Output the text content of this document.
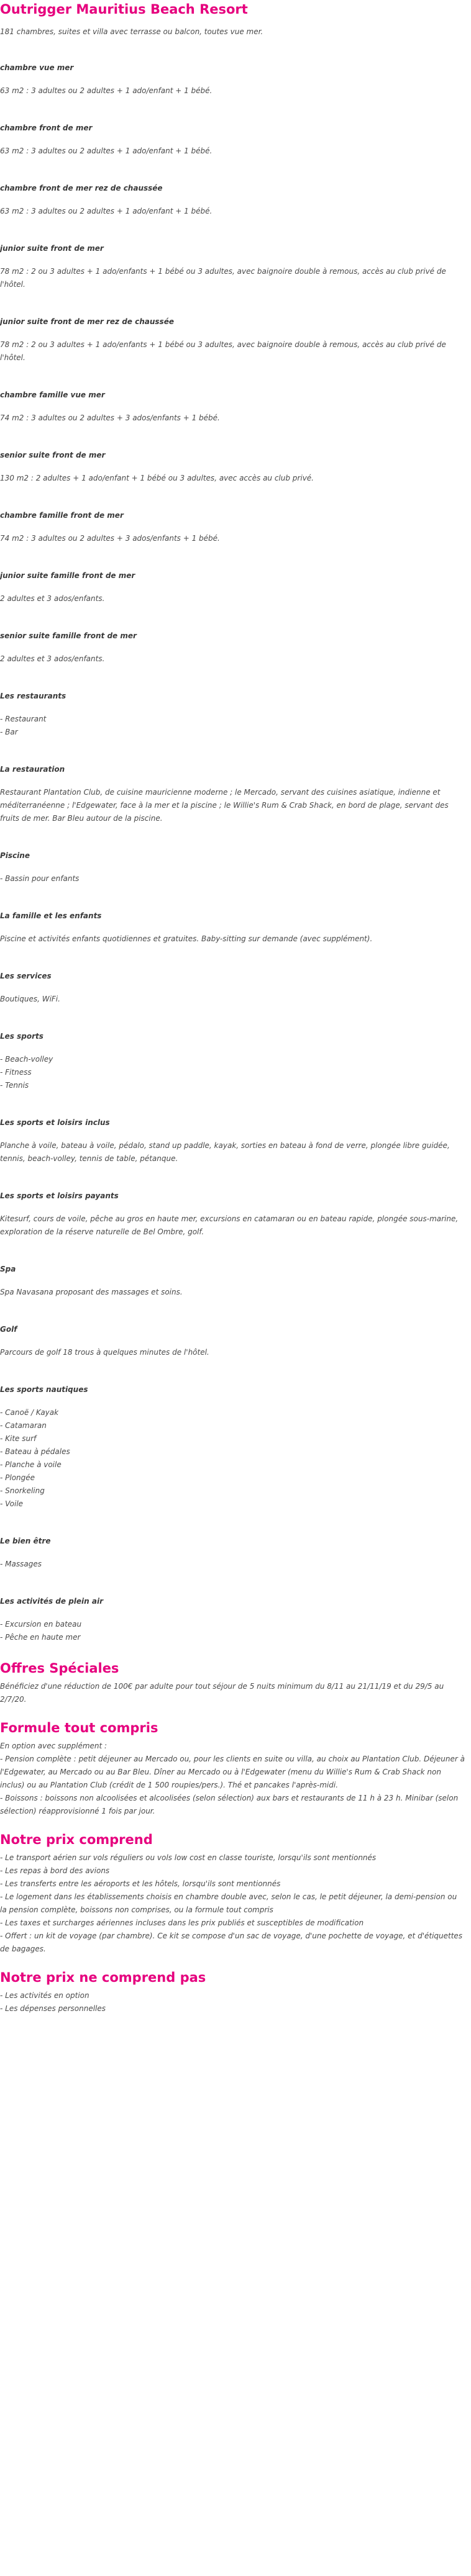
Outrigger Mauritius Beach Resort

181 chambres, suites et villa avec terrasse ou balcon, toutes vue mer.

chambre vue mer

63 m2 : 3 adultes ou 2 adultes + 1 ado/enfant + 1 bébé.

chambre front de mer

63 m2 : 3 adultes ou 2 adultes + 1 ado/enfant + 1 bébé.

chambre front de mer rez de chaussée

63 m2 : 3 adultes ou 2 adultes + 1 ado/enfant + 1 bébé.

junior suite front de mer

78 m2 : 2 ou 3 adultes + 1 ado/enfants + 1 bébé ou 3 adultes, avec baignoire double à remous, accès au club privé de l'hôtel.

junior suite front de mer rez de chaussée

78 m2 : 2 ou 3 adultes + 1 ado/enfants + 1 bébé ou 3 adultes, avec baignoire double à remous, accès au club privé de l'hôtel.

chambre famille vue mer

74 m2 : 3 adultes ou 2 adultes + 3 ados/enfants + 1 bébé.

senior suite front de mer

130 m2 : 2 adultes + 1 ado/enfant + 1 bébé ou 3 adultes, avec accès au club privé.

chambre famille front de mer

74 m2 : 3 adultes ou 2 adultes + 3 ados/enfants + 1 bébé.

junior suite famille front de mer

2 adultes et 3 ados/enfants.

senior suite famille front de mer

2 adultes et 3 ados/enfants.

Les restaurants

- Restaurant

- Bar

La restauration

Restaurant Plantation Club, de cuisine mauricienne moderne ; le Mercado, servant des cuisines asiatique, indienne et méditerranéenne ; l'Edgewater, face à la mer et la piscine ; le Willie's Rum & Crab Shack, en bord de plage, servant des fruits de mer. Bar Bleu autour de la piscine.

Piscine

- Bassin pour enfants

La famille et les enfants

Piscine et activités enfants quotidiennes et gratuites. Baby-sitting sur demande (avec supplément).

Les services

Boutiques, WiFi.

Les sports

- Beach-volley

- Fitness

- Tennis

Les sports et loisirs inclus

Planche à voile, bateau à voile, pédalo, stand up paddle, kayak, sorties en bateau à fond de verre, plongée libre guidée, tennis, beach-volley, tennis de table, pétanque.

Les sports et loisirs payants

Kitesurf, cours de voile, pêche au gros en haute mer, excursions en catamaran ou en bateau rapide, plongée sous-marine, exploration de la réserve naturelle de Bel Ombre, golf.

Spa

Spa Navasana proposant des massages et soins.

Golf

Parcours de golf 18 trous à quelques minutes de l'hôtel.

Les sports nautiques

- Canoë / Kayak

- Catamaran

- Kite surf

- Bateau à pédales

- Planche à voile

- Plongée

- Snorkeling

- Voile

Le bien être

- Massages

Les activités de plein air

- Excursion en bateau

- Pêche en haute mer

Offres Spéciales

Bénéficiez d'une réduction de 100€ par adulte pour tout séjour de 5 nuits minimum du 8/11 au 21/11/19 et du 29/5 au 2/7/20.

Formule tout compris

En option avec supplément :

- Pension complète : petit déjeuner au Mercado ou, pour les clients en suite ou villa, au choix au Plantation Club. Déjeuner à l'Edgewater, au Mercado ou au Bar Bleu. Dîner au Mercado ou à l'Edgewater (menu du Willie's Rum & Crab Shack non inclus) ou au Plantation Club (crédit de 1 500 roupies/pers.). Thé et pancakes l'après-midi.

- Boissons : boissons non alcoolisées et alcoolisées (selon sélection) aux bars et restaurants de 11 h à 23 h. Minibar (selon sélection) réapprovisionné 1 fois par jour.

Notre prix comprend

- Le transport aérien sur vols réguliers ou vols low cost en classe touriste, lorsqu'ils sont mentionnés

- Les repas à bord des avions

- Les transferts entre les aéroports et les hôtels, lorsqu'ils sont mentionnés

- Le logement dans les établissements choisis en chambre double avec, selon le cas, le petit déjeuner, la demi-pension ou la pension complète, boissons non comprises, ou la formule tout compris

- Les taxes et surcharges aériennes incluses dans les prix publiés et susceptibles de modification

- Offert : un kit de voyage (par chambre). Ce kit se compose d'un sac de voyage, d'une pochette de voyage, et d'étiquettes de bagages.

Notre prix ne comprend pas

- Les activités en option

- Les dépenses personnelles
